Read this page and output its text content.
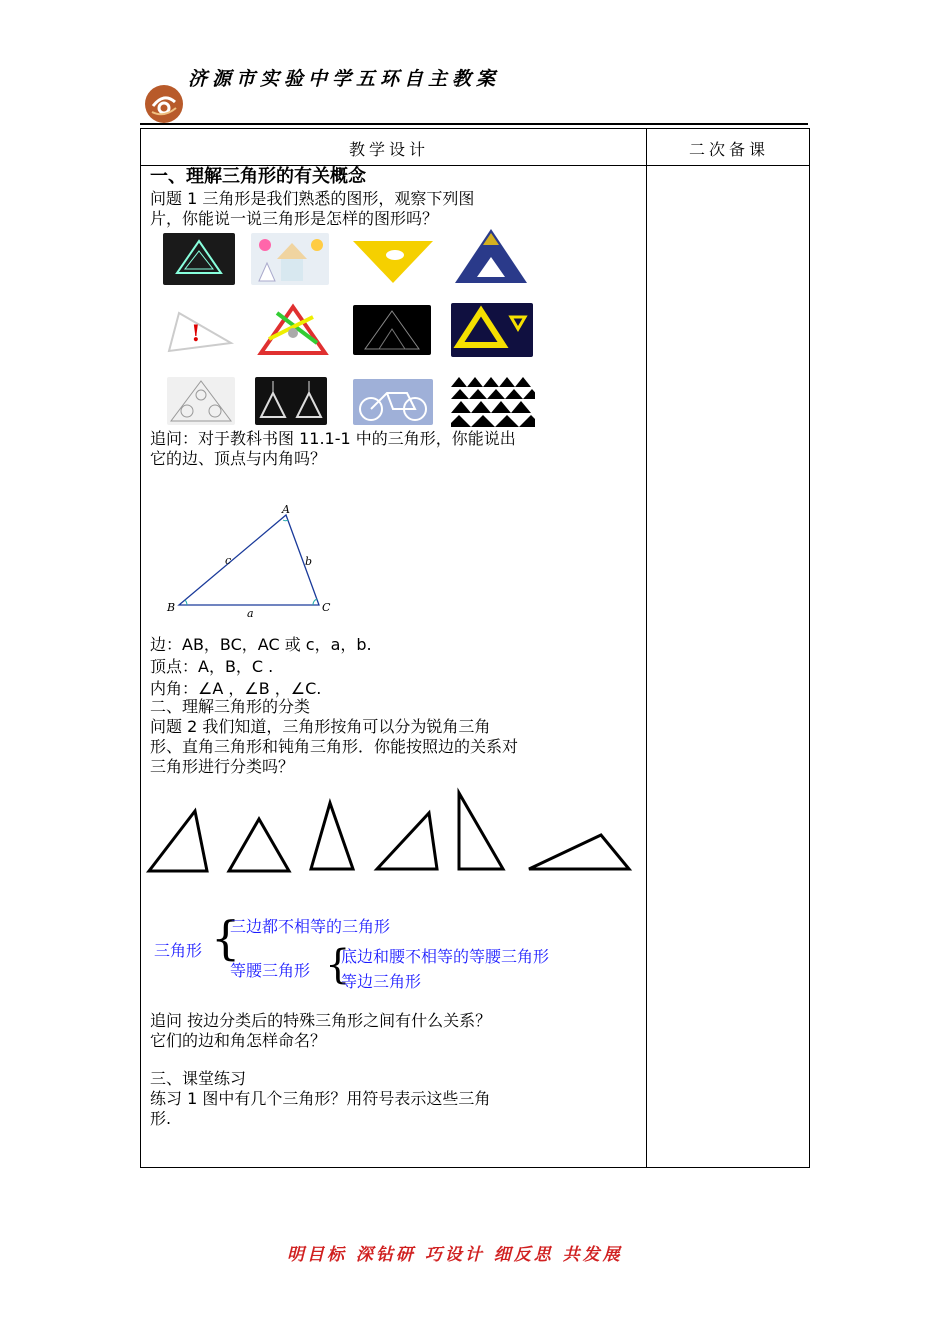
济源市实验中学五环自主教案
教学设计	二次备课
一、理解三角形的有关概念
问题 1 三角形是我们熟悉的图形，观察下列图
片，你能说一说三角形是怎样的图形吗？
!
追问：对于教科书图 11.1-1 中的三角形，你能说出
它的边、顶点与内角吗？
A
B	C
a
b
c
边：AB，BC，AC 或 c，a，b.
顶点：A，B，C .
内角：∠A ，∠B ，∠C.
二、理解三角形的分类
问题 2 我们知道，三角形按角可以分为锐角三角
形、直角三角形和钝角三角形．你能按照边的关系对
三角形进行分类吗？
三角形 {
三边都不相等的三角形
等腰三角形 {
底边和腰不相等的等腰三角形
等边三角形
追问 按边分类后的特殊三角形之间有什么关系？
它们的边和角怎样命名？
三、课堂练习
练习 1 图中有几个三角形？用符号表示这些三角
形.
明目标 深钻研 巧设计 细反思 共发展
